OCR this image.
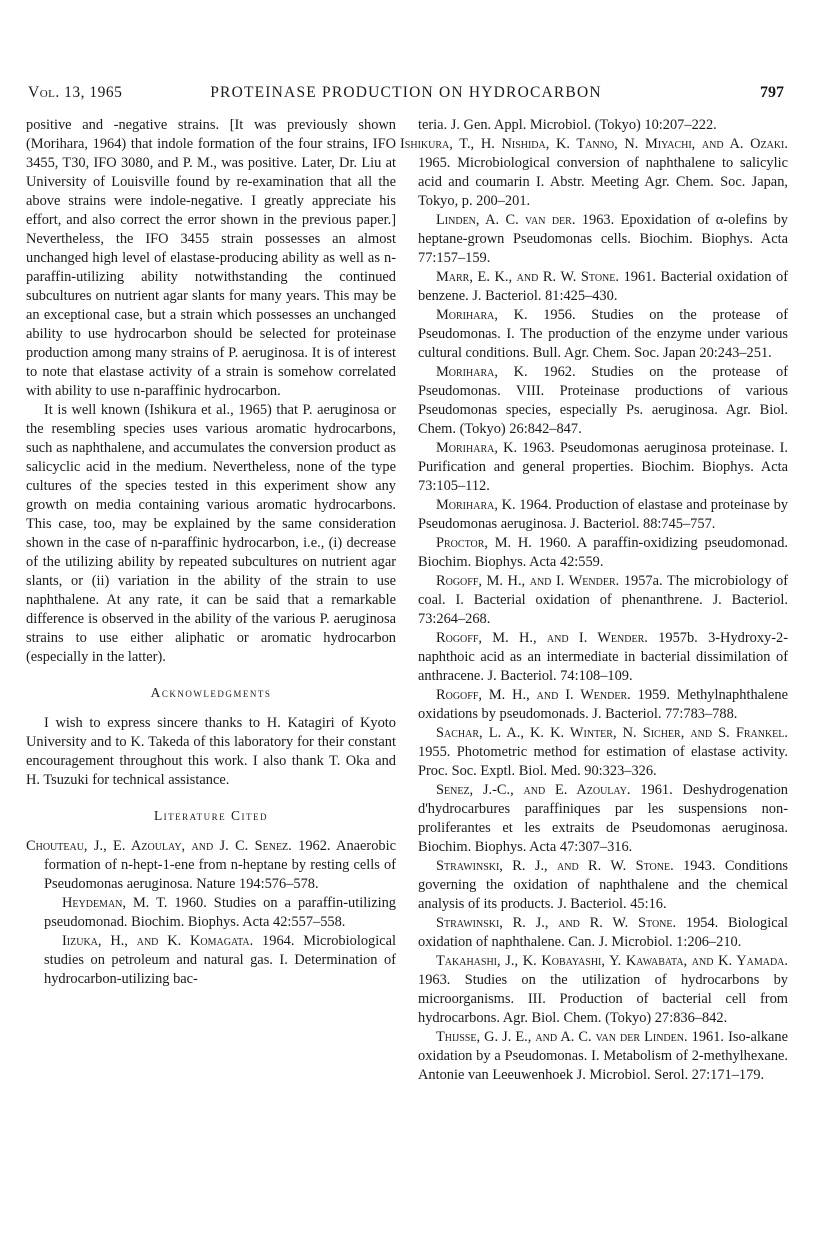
Vol. 13, 1965	PROTEINASE PRODUCTION ON HYDROCARBON	797

positive and -negative strains. [It was previously shown (Morihara, 1964) that indole formation of the four strains, IFO 3455, T30, IFO 3080, and P. M., was positive. Later, Dr. Liu at University of Louisville found by re-examination that all the above strains were indole-negative. I greatly appreciate his effort, and also correct the error shown in the previous paper.] Nevertheless, the IFO 3455 strain possesses an almost unchanged high level of elastase-producing ability as well as n-paraffin-utilizing ability notwithstanding the continued subcultures on nutrient agar slants for many years. This may be an exceptional case, but a strain which possesses an unchanged ability to use hydrocarbon should be selected for proteinase production among many strains of P. aeruginosa. It is of interest to note that elastase activity of a strain is somehow correlated with ability to use n-paraffinic hydrocarbon.

It is well known (Ishikura et al., 1965) that P. aeruginosa or the resembling species uses various aromatic hydrocarbons, such as naphthalene, and accumulates the conversion product as salicyclic acid in the medium. Nevertheless, none of the type cultures of the species tested in this experiment show any growth on media containing various aromatic hydrocarbons. This case, too, may be explained by the same consideration shown in the case of n-paraffinic hydrocarbon, i.e., (i) decrease of the utilizing ability by repeated subcultures on nutrient agar slants, or (ii) variation in the ability of the strain to use naphthalene. At any rate, it can be said that a remarkable difference is observed in the ability of the various P. aeruginosa strains to use either aliphatic or aromatic hydrocarbon (especially in the latter).

Acknowledgments

I wish to express sincere thanks to H. Katagiri of Kyoto University and to K. Takeda of this laboratory for their constant encouragement throughout this work. I also thank T. Oka and H. Tsuzuki for technical assistance.

Literature Cited

Chouteau, J., E. Azoulay, and J. C. Senez. 1962. Anaerobic formation of n-hept-1-ene from n-heptane by resting cells of Pseudomonas aeruginosa. Nature 194:576–578.

Heydeman, M. T. 1960. Studies on a paraffin-utilizing pseudomonad. Biochim. Biophys. Acta 42:557–558.

Iizuka, H., and K. Komagata. 1964. Microbiological studies on petroleum and natural gas. I. Determination of hydrocarbon-utilizing bac-

teria. J. Gen. Appl. Microbiol. (Tokyo) 10:207–222.

Ishikura, T., H. Nishida, K. Tanno, N. Miyachi, and A. Ozaki. 1965. Microbiological conversion of naphthalene to salicylic acid and coumarin I. Abstr. Meeting Agr. Chem. Soc. Japan, Tokyo, p. 200–201.

Linden, A. C. van der. 1963. Epoxidation of α-olefins by heptane-grown Pseudomonas cells. Biochim. Biophys. Acta 77:157–159.

Marr, E. K., and R. W. Stone. 1961. Bacterial oxidation of benzene. J. Bacteriol. 81:425–430.

Morihara, K. 1956. Studies on the protease of Pseudomonas. I. The production of the enzyme under various cultural conditions. Bull. Agr. Chem. Soc. Japan 20:243–251.

Morihara, K. 1962. Studies on the protease of Pseudomonas. VIII. Proteinase productions of various Pseudomonas species, especially Ps. aeruginosa. Agr. Biol. Chem. (Tokyo) 26:842–847.

Morihara, K. 1963. Pseudomonas aeruginosa proteinase. I. Purification and general properties. Biochim. Biophys. Acta 73:105–112.

Morihara, K. 1964. Production of elastase and proteinase by Pseudomonas aeruginosa. J. Bacteriol. 88:745–757.

Proctor, M. H. 1960. A paraffin-oxidizing pseudomonad. Biochim. Biophys. Acta 42:559.

Rogoff, M. H., and I. Wender. 1957a. The microbiology of coal. I. Bacterial oxidation of phenanthrene. J. Bacteriol. 73:264–268.

Rogoff, M. H., and I. Wender. 1957b. 3-Hydroxy-2-naphthoic acid as an intermediate in bacterial dissimilation of anthracene. J. Bacteriol. 74:108–109.

Rogoff, M. H., and I. Wender. 1959. Methylnaphthalene oxidations by pseudomonads. J. Bacteriol. 77:783–788.

Sachar, L. A., K. K. Winter, N. Sicher, and S. Frankel. 1955. Photometric method for estimation of elastase activity. Proc. Soc. Exptl. Biol. Med. 90:323–326.

Senez, J.-C., and E. Azoulay. 1961. Deshydrogenation d'hydrocarbures paraffiniques par les suspensions non-proliferantes et les extraits de Pseudomonas aeruginosa. Biochim. Biophys. Acta 47:307–316.

Strawinski, R. J., and R. W. Stone. 1943. Conditions governing the oxidation of naphthalene and the chemical analysis of its products. J. Bacteriol. 45:16.

Strawinski, R. J., and R. W. Stone. 1954. Biological oxidation of naphthalene. Can. J. Microbiol. 1:206–210.

Takahashi, J., K. Kobayashi, Y. Kawabata, and K. Yamada. 1963. Studies on the utilization of hydrocarbons by microorganisms. III. Production of bacterial cell from hydrocarbons. Agr. Biol. Chem. (Tokyo) 27:836–842.

Thijsse, G. J. E., and A. C. van der Linden. 1961. Iso-alkane oxidation by a Pseudomonas. I. Metabolism of 2-methylhexane. Antonie van Leeuwenhoek J. Microbiol. Serol. 27:171–179.
